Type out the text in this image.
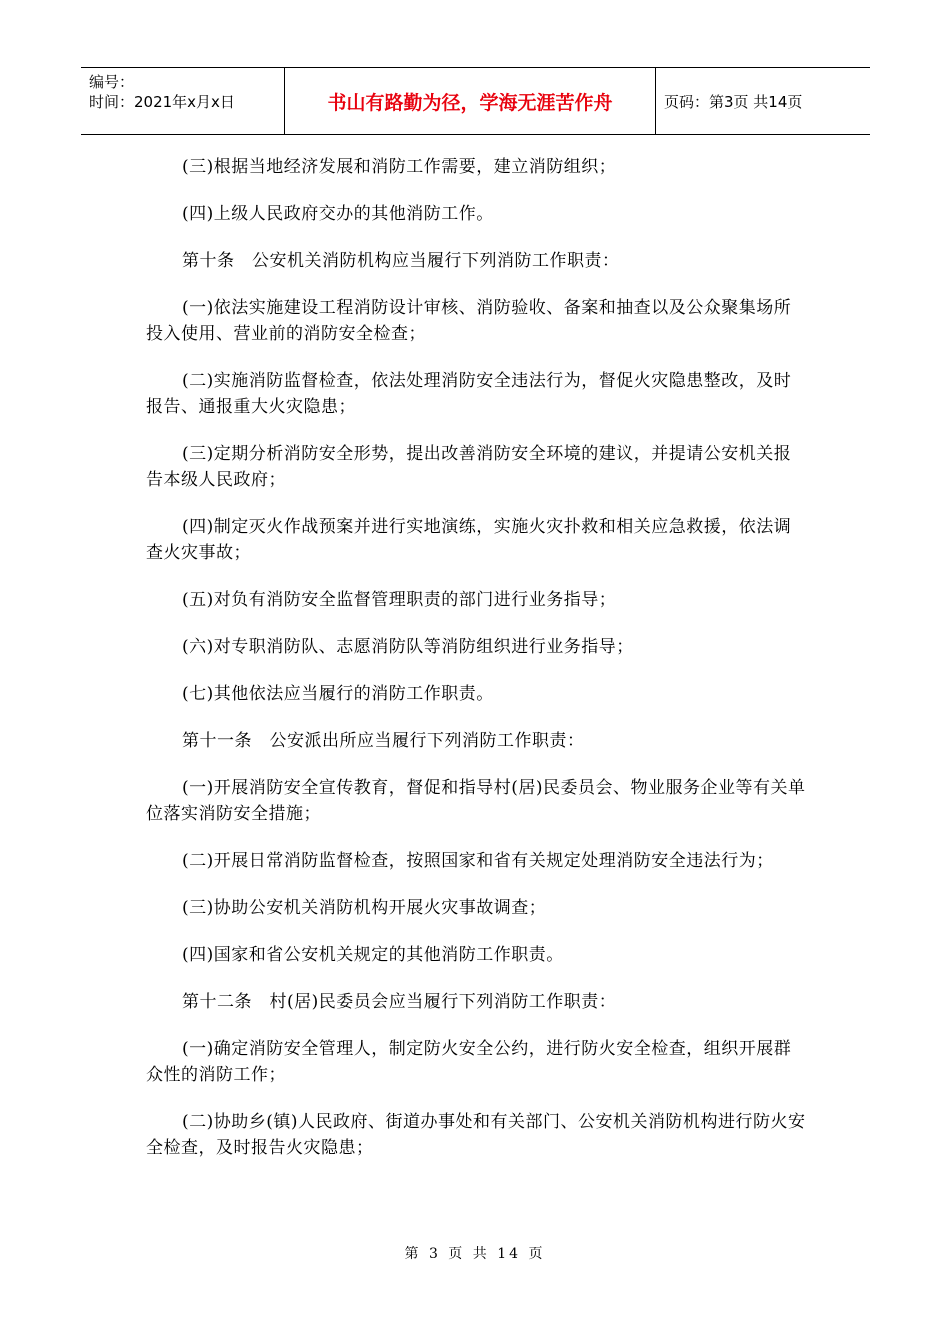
编号：
时间：2021年x月x日	书山有路勤为径，学海无涯苦作舟	页码：第3页 共14页

(三)根据当地经济发展和消防工作需要，建立消防组织；

(四)上级人民政府交办的其他消防工作。

第十条　公安机关消防机构应当履行下列消防工作职责：

(一)依法实施建设工程消防设计审核、消防验收、备案和抽查以及公众聚集场所投入使用、营业前的消防安全检查；

(二)实施消防监督检查，依法处理消防安全违法行为，督促火灾隐患整改，及时报告、通报重大火灾隐患；

(三)定期分析消防安全形势，提出改善消防安全环境的建议，并提请公安机关报告本级人民政府；

(四)制定灭火作战预案并进行实地演练，实施火灾扑救和相关应急救援，依法调查火灾事故；

(五)对负有消防安全监督管理职责的部门进行业务指导；

(六)对专职消防队、志愿消防队等消防组织进行业务指导；

(七)其他依法应当履行的消防工作职责。

第十一条　公安派出所应当履行下列消防工作职责：

(一)开展消防安全宣传教育，督促和指导村(居)民委员会、物业服务企业等有关单位落实消防安全措施；

(二)开展日常消防监督检查，按照国家和省有关规定处理消防安全违法行为；

(三)协助公安机关消防机构开展火灾事故调查；

(四)国家和省公安机关规定的其他消防工作职责。

第十二条　村(居)民委员会应当履行下列消防工作职责：

(一)确定消防安全管理人，制定防火安全公约，进行防火安全检查，组织开展群众性的消防工作；

(二)协助乡(镇)人民政府、街道办事处和有关部门、公安机关消防机构进行防火安全检查，及时报告火灾隐患；

第 3 页 共 14 页
